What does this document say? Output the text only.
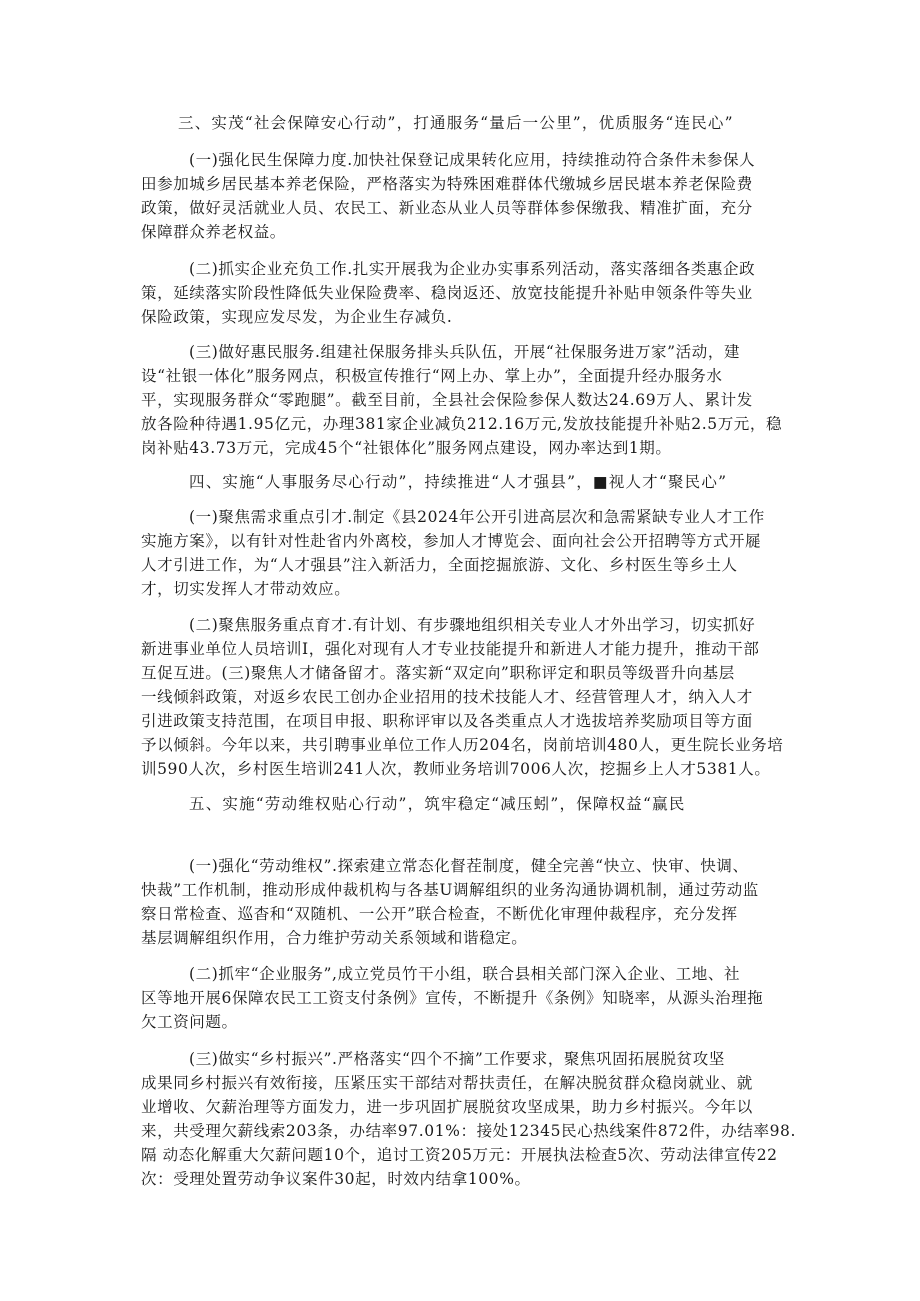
三、实茂“社会保障安心行动”，打通服务“量后一公里”，优质服务“连民心”
(一)强化民生保障力度.加快社保登记成果转化应用，持续推动符合条件未参保人
田参加城乡居民基本养老保险，严格落实为特殊困难群体代缴城乡居民堪本养老保险费
政策，做好灵活就业人员、农民工、新业态从业人员等群体参保缴我、精准扩面，充分
保障群众养老权益。
(二)抓实企业充负工作.扎实开展我为企业办实事系列活动，落实落细各类惠企政
策，延续落实阶段性降低失业保险费率、稳岗返还、放宽技能提升补贴申领条件等失业
保险政策，实现应发尽发，为企业生存减负.
(三)做好惠民服务.组建社保服务排头兵队伍，开展“社保服务进万家”活动，建
设“社银一体化”服务网点，积极宣传推行“网上办、掌上办”，全面提升经办服务水
平，实现服务群众“零跑腿”。截至目前，全县社会保险参保人数达24.69万人、累计发
放各险种待遇1.95亿元，办理381家企业减负212.16万元,发放技能提升补贴2.5万元，稳
岗补贴43.73万元，完成45个“社银体化”服务网点建设，网办率达到1期。
四、实施“人事服务尽心行动”，持续推进“人才强县”，■视人才“聚民心”
(一)聚焦需求重点引才.制定《县2024年公开引进高层次和急需紧缺专业人才工作
实施方案》，以有针对性赴省内外离校，参加人才博览会、面向社会公开招聘等方式开屣
人才引进工作，为“人才强县”注入新活力，全面挖掘旅游、文化、乡村医生等乡土人
才，切实发挥人才带动效应。
(二)聚焦服务重点育才.有计划、有步骤地组织相关专业人才外出学习，切实抓好
新进事业单位人员培训I，强化对现有人才专业技能提升和新进人才能力提升，推动干部
互促互进。(三)聚焦人才储备留才。落实新“双定向”职称评定和职员等级晋升向基层
一线倾斜政策，对返乡农民工创办企业招用的技术技能人才、经营管理人才，纳入人才
引进政策支持范围，在项目申报、职称评审以及各类重点人才选拔培养奖励项目等方面
予以倾斜。今年以来，共引聘事业单位工作人历204名，岗前培训480人，更生院长业务培
训590人次，乡村医生培训241人次，教师业务培训7006人次，挖掘乡上人才5381人。
五、实施“劳动维权贴心行动”，筑牢稳定“减压蚓”，保障权益“赢民
(一)强化“劳动维权”.探索建立常态化督茬制度，健全完善“快立、快审、快调、
快裁”工作机制，推动形成仲裁机构与各基U调解组织的业务沟通协调机制，通过劳动监
察日常检查、巡杳和“双随机、一公开”联合检查，不断优化审理仲裁程序，充分发挥
基层调解组织作用，合力维护劳动关系领域和谐稳定。
(二)抓牢“企业服务”,成立党员竹干小组，联合县相关部门深入企业、工地、社
区等地开展6保障农民工工资支付条例》宣传，不断提升《条例》知晓率，从源头治理拖
欠工资问题。
(三)做实“乡村振兴”.严格落实“四个不摘”工作要求，聚焦巩固拓展脱贫攻坚
成果同乡村振兴有效衔接，压紧压实干部结对帮扶责任，在解决脱贫群众稳岗就业、就
业增收、欠薪治理等方面发力，进一步巩固扩展脱贫攻坚成果，助力乡村振兴。今年以
来，共受理欠薪线索203条，办结率97.01%：接处12345民心热线案件872件，办结率98.
隔 动态化解重大欠薪问题10个，追讨工资205万元：开展执法检查5次、劳动法律宣传22
次：受理处置劳动争议案件30起，时效内结拿100%。
